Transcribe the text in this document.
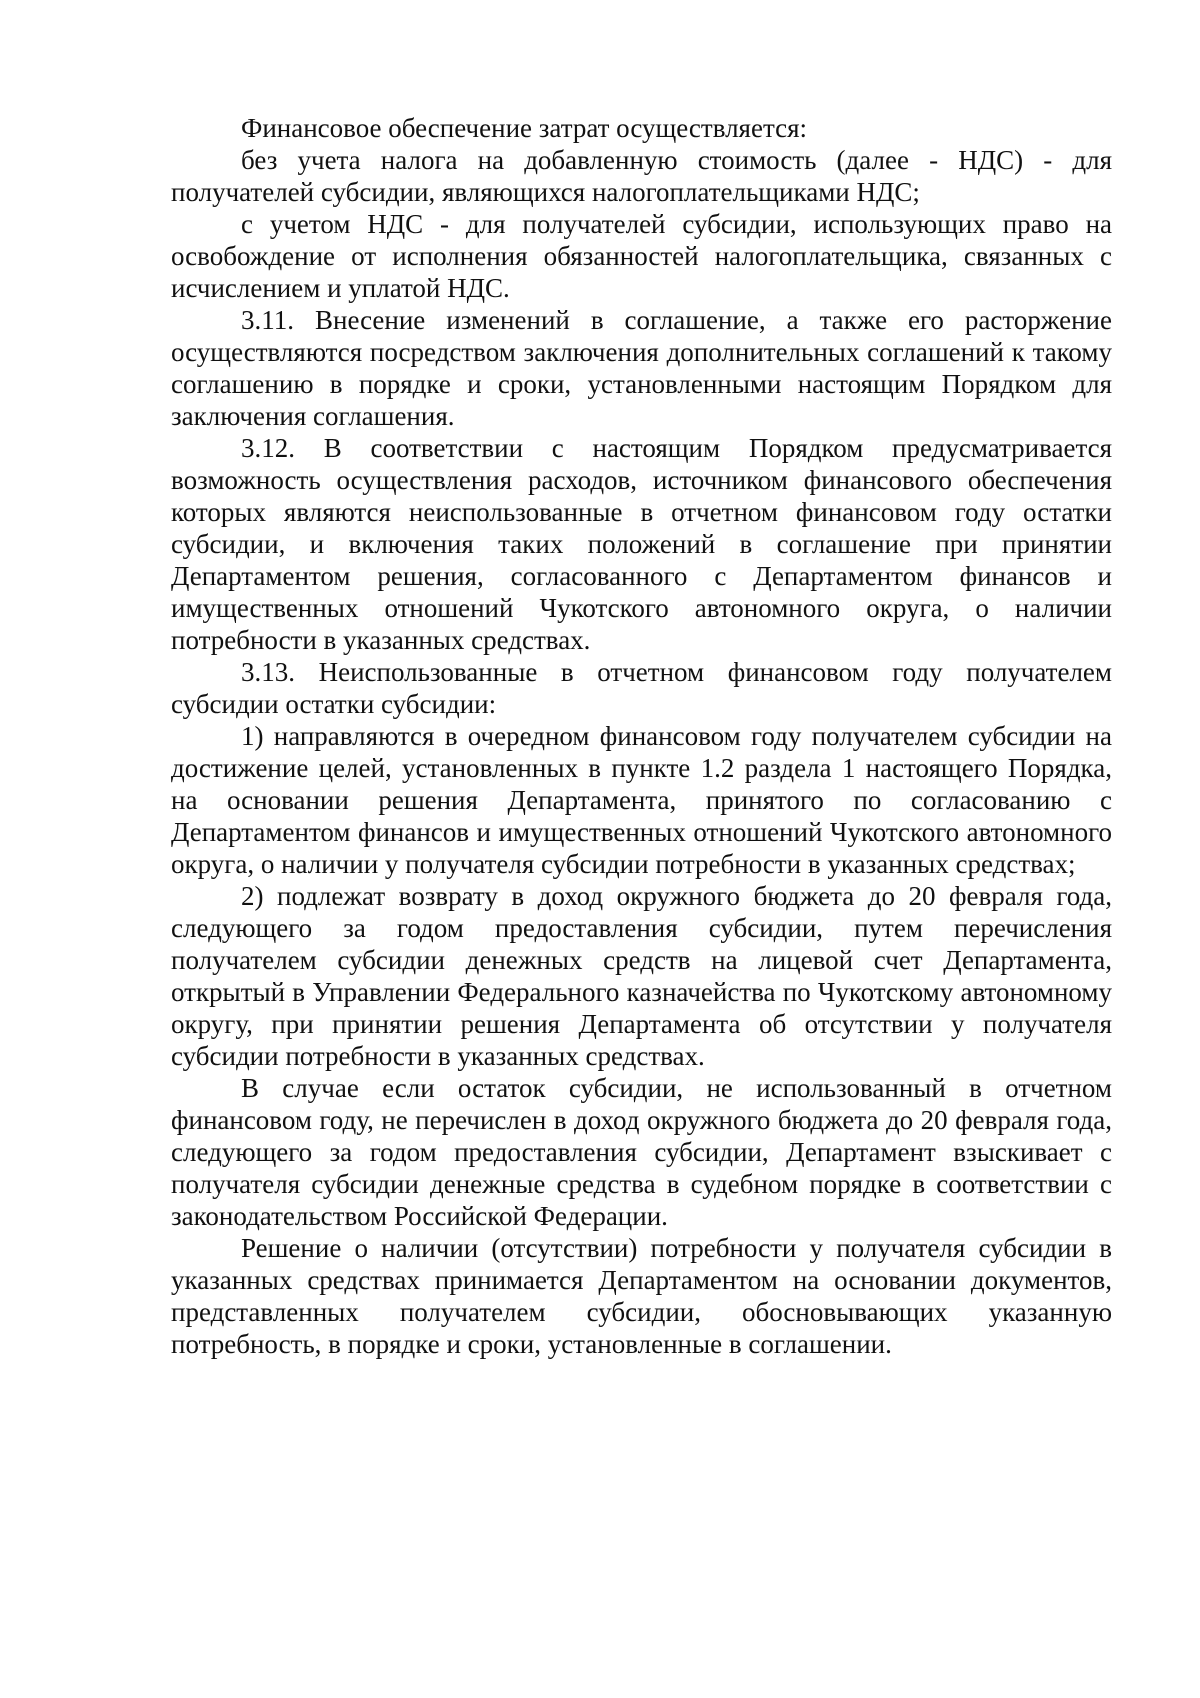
Финансовое обеспечение затрат осуществляется:

без учета налога на добавленную стоимость (далее - НДС) - для получателей субсидии, являющихся налогоплательщиками НДС;

с учетом НДС - для получателей субсидии, использующих право на освобождение от исполнения обязанностей налогоплательщика, связанных с исчислением и уплатой НДС.

3.11. Внесение изменений в соглашение, а также его расторжение осуществляются посредством заключения дополнительных соглашений к такому соглашению в порядке и сроки, установленными настоящим Порядком для заключения соглашения.

3.12. В соответствии с настоящим Порядком предусматривается возможность осуществления расходов, источником финансового обеспечения которых являются неиспользованные в отчетном финансовом году остатки субсидии, и включения таких положений в соглашение при принятии Департаментом решения, согласованного с Департаментом финансов и имущественных отношений Чукотского автономного округа, о наличии потребности в указанных средствах.

3.13. Неиспользованные в отчетном финансовом году получателем субсидии остатки субсидии:

1) направляются в очередном финансовом году получателем субсидии на достижение целей, установленных в пункте 1.2 раздела 1 настоящего Порядка, на основании решения Департамента, принятого по согласованию с Департаментом финансов и имущественных отношений Чукотского автономного округа, о наличии у получателя субсидии потребности в указанных средствах;

2) подлежат возврату в доход окружного бюджета до 20 февраля года, следующего за годом предоставления субсидии, путем перечисления получателем субсидии денежных средств на лицевой счет Департамента, открытый в Управлении Федерального казначейства по Чукотскому автономному округу, при принятии решения Департамента об отсутствии у получателя субсидии потребности в указанных средствах.

В случае если остаток субсидии, не использованный в отчетном финансовом году, не перечислен в доход окружного бюджета до 20 февраля года, следующего за годом предоставления субсидии, Департамент взыскивает с получателя субсидии денежные средства в судебном порядке в соответствии с законодательством Российской Федерации.

Решение о наличии (отсутствии) потребности у получателя субсидии в указанных средствах принимается Департаментом на основании документов, представленных получателем субсидии, обосновывающих указанную потребность, в порядке и сроки, установленные в соглашении.
